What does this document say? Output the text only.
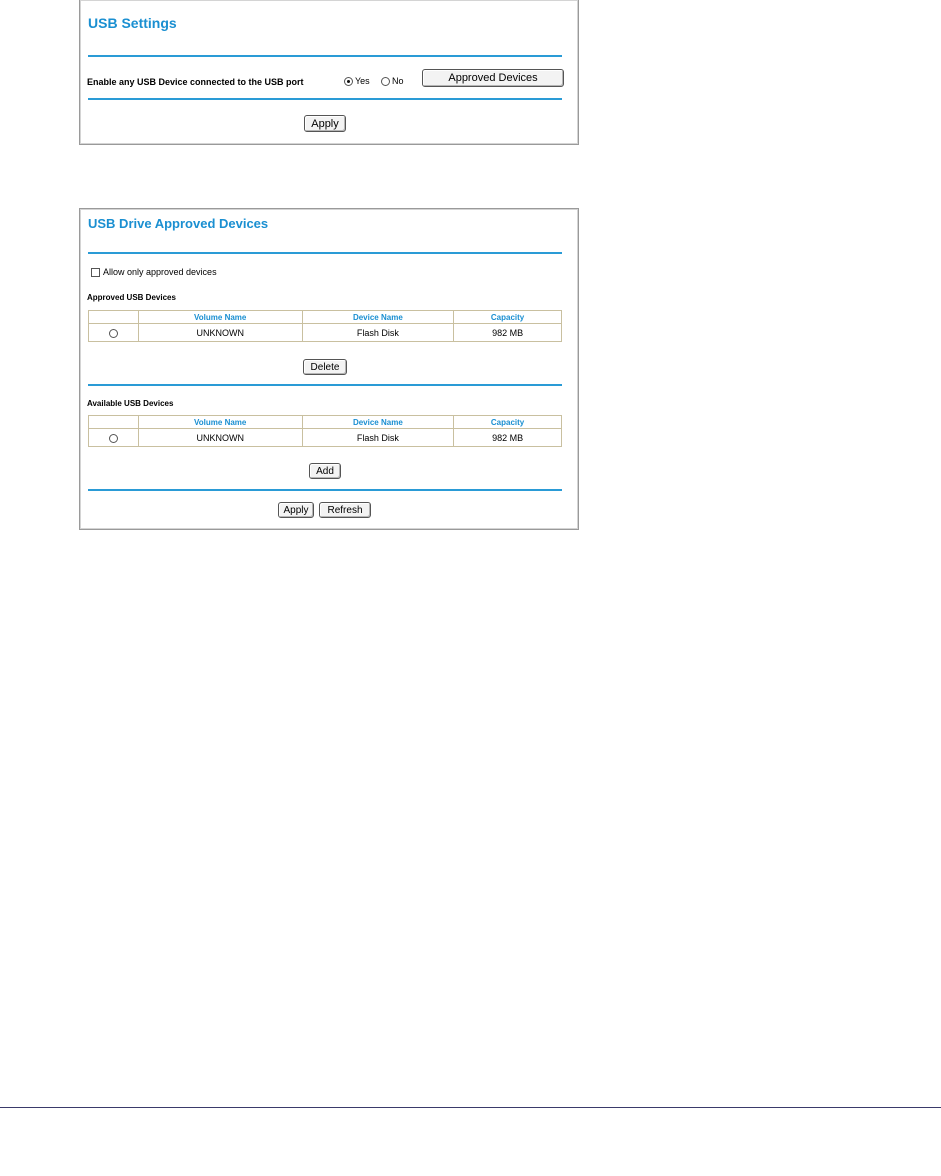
USB Settings
Enable any USB Device connected to the USB port	Yes No	Approved Devices
Apply
USB Drive Approved Devices
Allow only approved devices
Approved USB Devices
	Volume Name	Device Name	Capacity
	UNKNOWN	Flash Disk	982 MB
Delete
Available USB Devices
	Volume Name	Device Name	Capacity
	UNKNOWN	Flash Disk	982 MB
Add
Apply	Refresh
